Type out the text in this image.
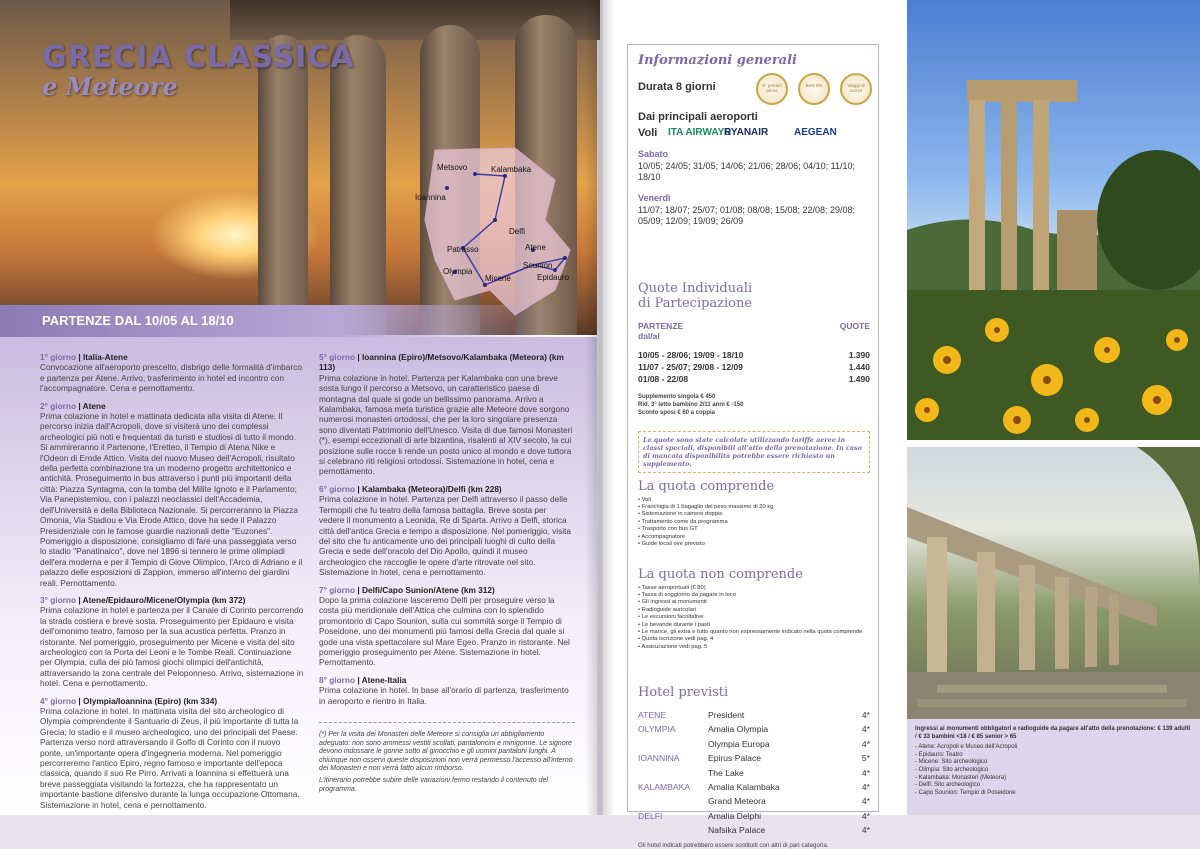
Metsovo	Kalambaka
Ioannina
Delfi
Patrasso	Atene
Olympia
Micene
Sounion
Epidauro
GRECIA CLASSICA
e Meteore
PARTENZE DAL 10/05 AL 18/10
1° giorno | Italia-Atene
Convocazione all'aeroporto prescelto, disbrigo delle formalità d'imbarco e partenza per Atene. Arrivo, trasferimento in hotel ed incontro con l'accompagnatore. Cena e pernottamento.
2° giorno | Atene
Prima colazione in hotel e mattinata dedicata alla visita di Atene. Il percorso inizia dall'Acropoli, dove si visiterà uno dei complessi archeologici più noti e frequentati da turisti e studiosi di tutto il mondo. Si ammireranno il Partenone, l'Eretteo, il Tempio di Atena Nike e l'Odeon di Erode Attico. Visita del nuovo Museo dell'Acropoli, risultato della perfetta combinazione tra un moderno progetto architettonico e antichità. Proseguimento in bus attraverso i punti più importanti della città: Piazza Syntagma, con la tomba del Milite Ignoto e il Parlamento; Via Panepistemiou, con i palazzi neoclassici dell'Accademia, dell'Università e della Biblioteca Nazionale. Si percorreranno la Piazza Omonia, Via Stadiou e Via Erode Attico, dove ha sede il Palazzo Presidenziale con le famose guardie nazionali dette "Euzones". Pomeriggio a disposizione, consigliamo di fare una passeggiata verso lo stadio "Panatinaico", dove nel 1896 si tennero le prime olimpiadi dell'era moderna e per il Tempio di Giove Olimpico, l'Arco di Adriano e il palazzo delle esposizioni di Zappion, immerso all'interno dei giardini reali. Pernottamento.
3° giorno | Atene/Epidauro/Micene/Olympia (km 372)
Prima colazione in hotel e partenza per il Canale di Corinto percorrendo la strada costiera e breve sosta. Proseguimento per Epidauro e visita dell'omonimo teatro, famoso per la sua acustica perfetta. Pranzo in ristorante. Nel pomeriggio, proseguimento per Micene e visita del sito archeologico con la Porta dei Leoni e le Tombe Reali. Continuazione per Olympia, culla dei più famosi giochi olimpici dell'antichità, attraversando la zona centrale del Peloponneso. Arrivo, sistemazione in hotel. Cena e pernottamento.
4° giorno | Olympia/Ioannina (Epiro) (km 334)
Prima colazione in hotel. In mattinata visita del sito archeologico di Olympia comprendente il Santuario di Zeus, il più importante di tutta la Grecia; lo stadio e il museo archeologico, uno dei principali del Paese. Partenza verso nord attraversando il Golfo di Corinto con il nuovo ponte, un'importante opera d'ingegneria moderna. Nel pomeriggio percorreremo l'antico Epiro, regno famoso e importante dell'epoca classica, quando il suo Re Pirro. Arrivati a Ioannina si effettuerà una breve passeggiata visitando la fortezza, che ha rappresentato un importante bastione difensivo durante la lunga occupazione Ottomana. Sistemazione in hotel, cena e pernottamento.
5° giorno | Ioannina (Epiro)/Metsovo/Kalambaka (Meteora) (km 113)
Prima colazione in hotel. Partenza per Kalambaka con una breve sosta lungo il percorso a Metsovo, un caratteristico paese di montagna dal quale si gode un bellissimo panorama. Arrivo a Kalambaka, famosa meta turistica grazie alle Meteore dove sorgono numerosi monasteri ortodossi, che per la loro singolare presenza sono diventati Patrimonio dell'Unesco. Visita di due famosi Monasteri (*), esempi eccezionali di arte bizantina, risalenti al XIV secolo, la cui posizione sulle rocce li rende un posto unico al mondo e dove tuttora si celebrano riti religiosi ortodossi. Sistemazione in hotel, cena e pernottamento.
6° giorno | Kalambaka (Meteora)/Delfi (km 228)
Prima colazione in hotel. Partenza per Delfi attraverso il passo delle Termopili che fu teatro della famosa battaglia. Breve sosta per vedere il monumento a Leonida, Re di Sparta. Arrivo a Delfi, storica città dell'antica Grecia e tempo a disposizione. Nel pomeriggio, visita del sito che fu anticamente uno dei principali luoghi di culto della Grecia e sede dell'oracolo del Dio Apollo, quindi il museo archeologico che raccoglie le opere d'arte ritrovate nel sito. Sistemazione in hotel, cena e pernottamento.
7° giorno | Delfi/Capo Sunion/Atene (km 312)
Dopo la prima colazione lasceremo Delfi per proseguire verso la costa più meridionale dell'Attica che culmina con lo splendido promontorio di Capo Sounion, sulla cui sommità sorge il Tempio di Poseidone, uno dei monumenti più famosi della Grecia dal quale si gode una vista spettacolare sul Mare Egeo. Pranzo in ristorante. Nel pomeriggio proseguimento per Atene. Sistemazione in hotel. Pernottamento.
8° giorno | Atene-Italia
Prima colazione in hotel. In base all'orario di partenza, trasferimento in aeroporto e rientro in Italia.

(*) Per la visita dei Monasteri delle Meteore si consiglia un abbigliamento adeguato: non sono ammessi vestiti scollati, pantaloncini e minigonne. Le signore devono indossare le gonne sotto al ginocchio e gli uomini pantaloni lunghi. A chiunque non osservi queste disposizioni non verrà permesso l'accesso all'interno dei Monasteri e non verrà fatto alcun rimborso.

L'itinerario potrebbe subire delle variazioni fermo restando il contenuto del programma.

Informazioni generali
Durata 8 giorni	5° premio prima
Best 0%	Viaggi di nozze
Dai principali aeroporti
Voli ITA AIRWAYS
RYANAIR	AEGEAN
Sabato
10/05; 24/05; 31/05; 14/06; 21/06; 28/06; 04/10; 11/10; 18/10
Venerdì
11/07; 18/07; 25/07; 01/08; 08/08; 15/08; 22/08; 29/08; 05/09; 12/09; 19/09; 26/09
Quote Individuali
di Partecipazione
PARTENZE	QUOTE
dal/al
10/05 - 28/06; 19/09 - 18/10	1.390
11/07 - 25/07; 29/08 - 12/09	1.440
01/08 - 22/08	1.490
Supplemento singola € 450
Rid. 3° letto bambino 2/11 anni € -150
Sconto sposi € 60 a coppia
Le quote sono state calcolate utilizzando tariffe aeree in classi speciali, disponibili all'atto della prenotazione. In caso di mancata disponibilità potrebbe essere richiesto un supplemento.
La quota comprende
• Voli
• Franchigia di 1 bagaglio del peso massimo di 20 kg
• Sistemazione in camere doppie
• Trattamento come da programma
• Trasporto con bus GT
• Accompagnatore
• Guide locali ove previsto
La quota non comprende
• Tasse aeroportuali (€ 80)
• Tassa di soggiorno da pagare in loco
• Gli ingressi ai monumenti
• Radioguide auricolari
• Le escursioni facoltative
• Le bevande durante i pasti
• Le mance, gli extra e tutto quanto non espressamente indicato nella quota comprende
• Quota iscrizione vedi pag. 4
• Assicurazione vedi pag. 5
Hotel previsti
ATENE	President	4*
OLYMPIA	Amalia Olympia	4*
Olympia Europa	4*
IOANNINA	Epirus Palace	5*
The Lake	4*
KALAMBAKA	Amalia Kalambaka	4*
Grand Meteora	4*
DELFI	Amalia Delphi	4*
Nafsika Palace	4*
Gli hotel indicati potrebbero essere sostituiti con altri di pari categoria.
Ingressi ai monumenti obbligatori e radioguide da pagare all'atto della prenotazione: € 139 adulti / € 33 bambini <18 / € 85 senior > 65
- Atene: Acropoli e Museo dell'Acropoli
- Epidauro: Teatro
- Micene: Sito archeologico
- Olimpia: Sito archeologico
- Kalambaka: Monasteri (Meteora)
- Delfi: Sito archeologico
- Capo Sounion: Tempio di Poseidone
